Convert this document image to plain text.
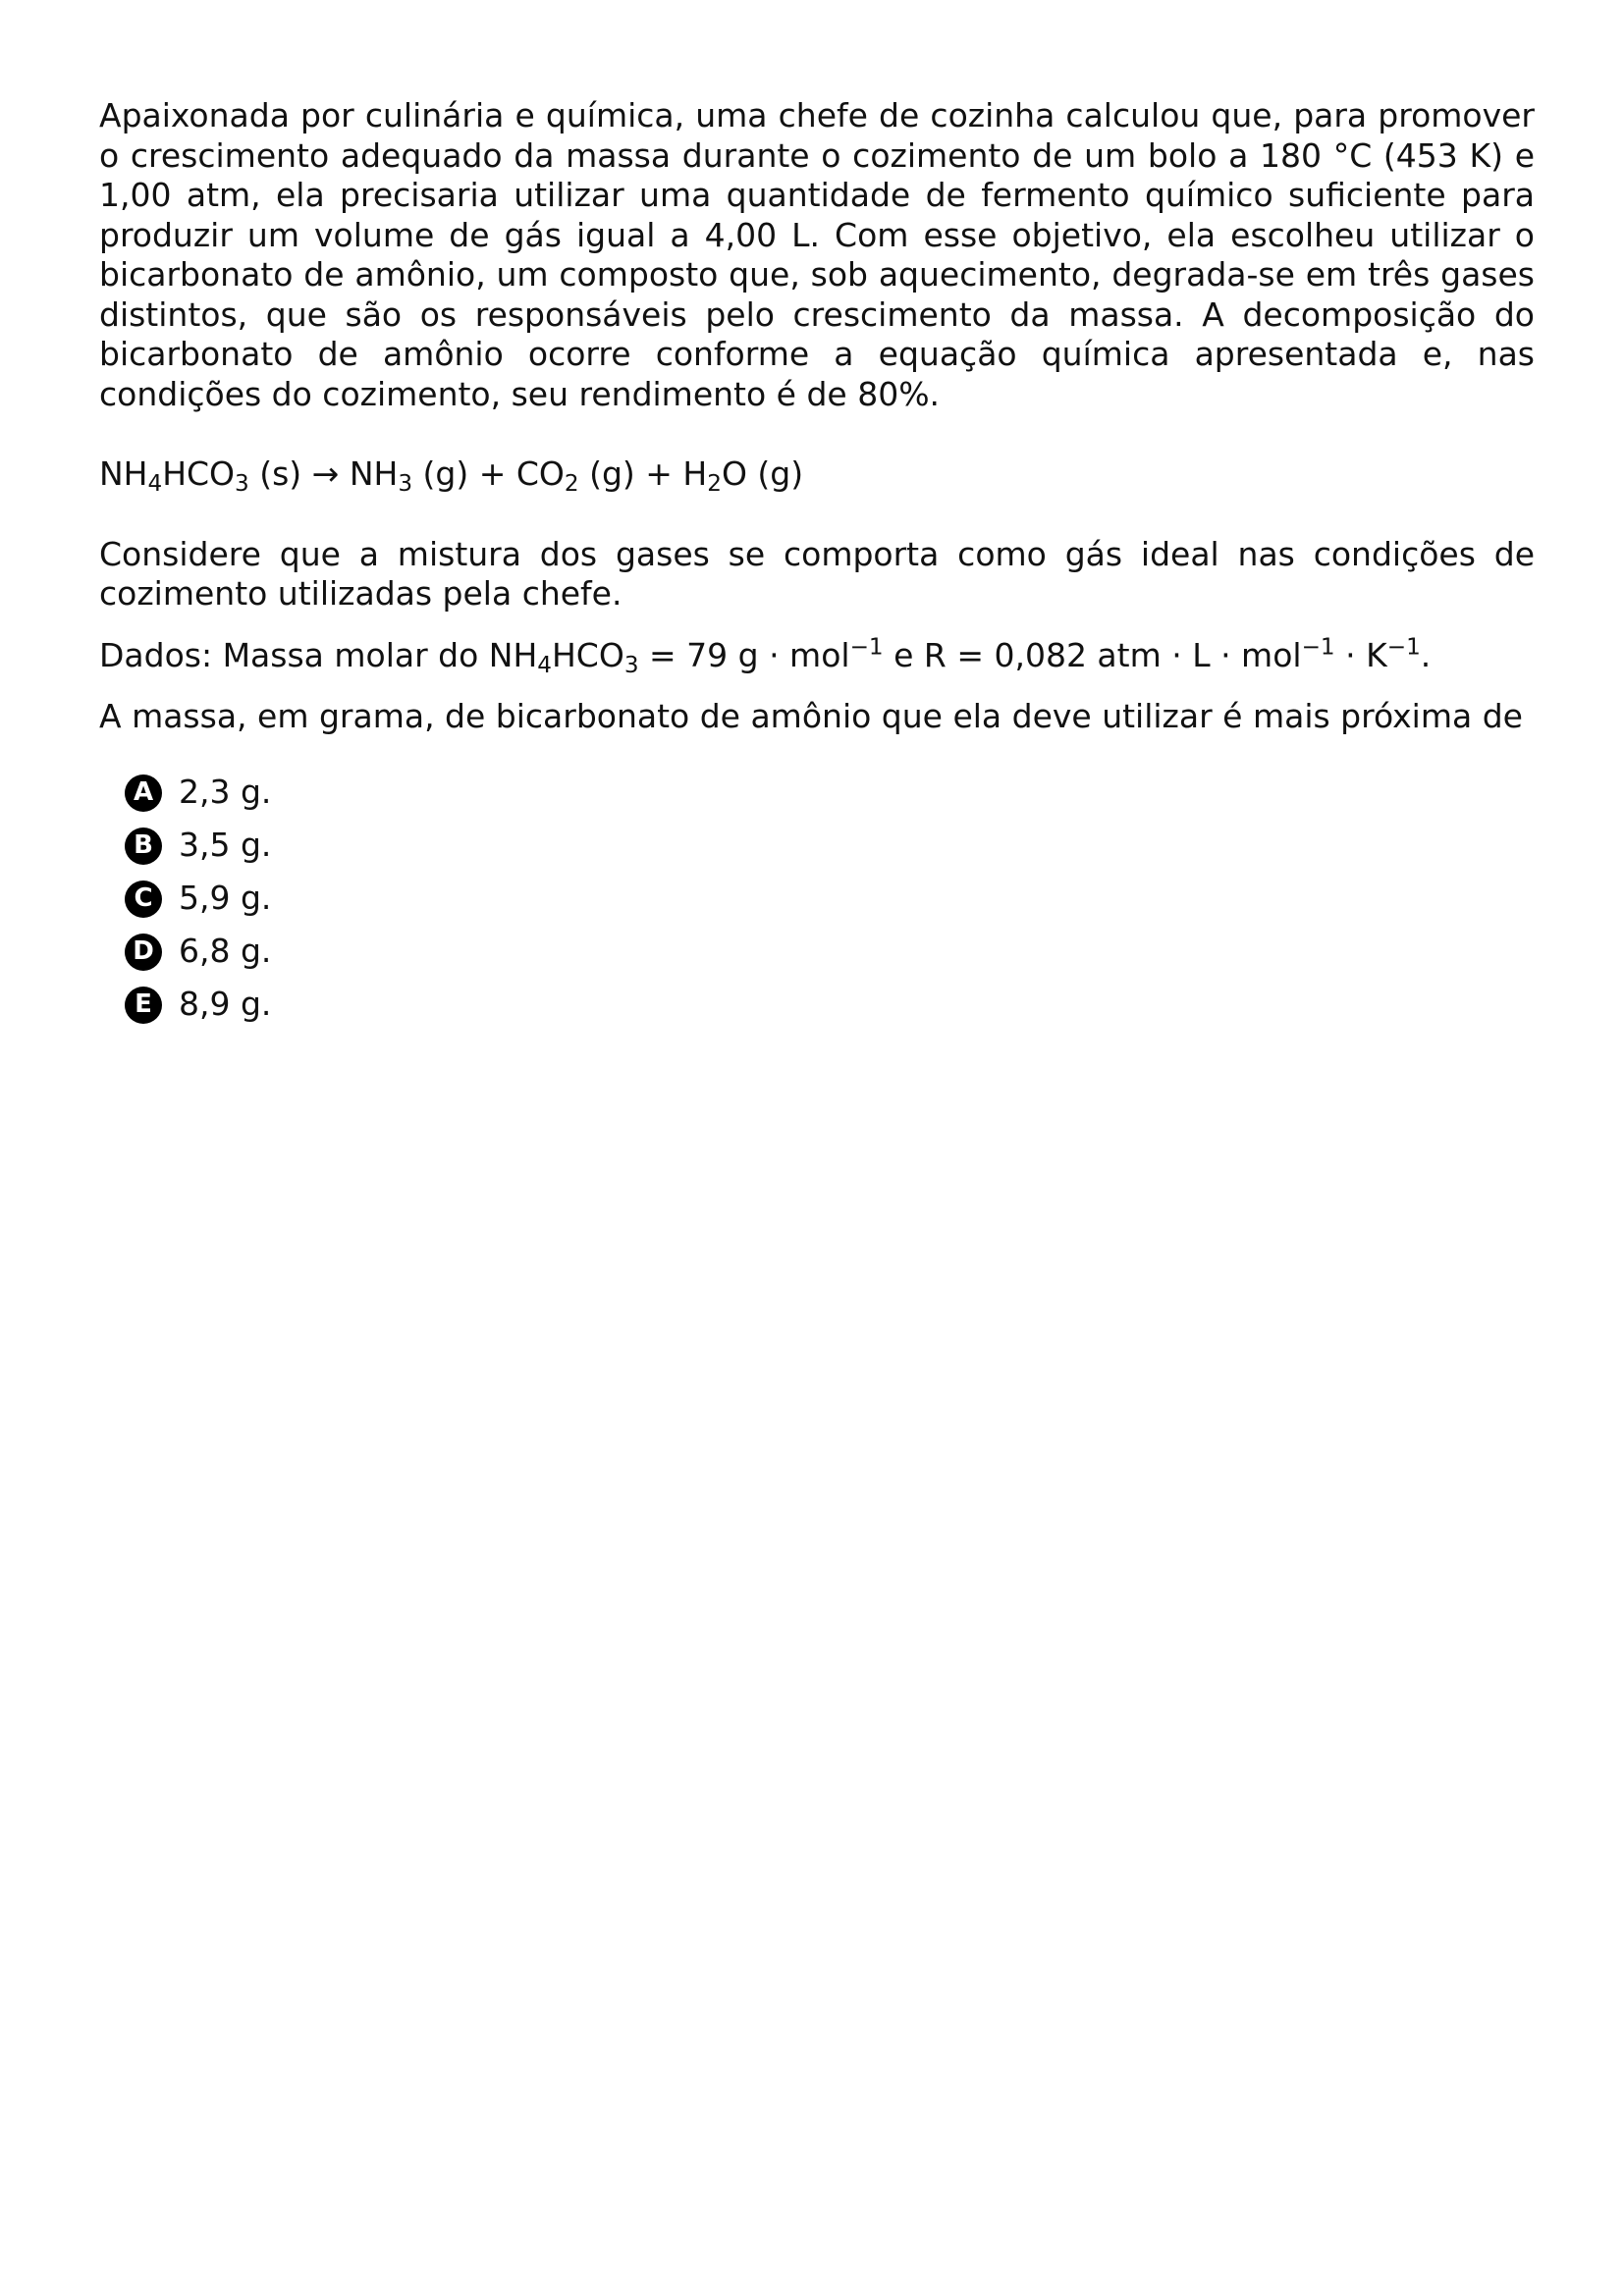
Apaixonada por culinária e química, uma chefe de cozinha calculou que, para promover o crescimento adequado da massa durante o cozimento de um bolo a 180 °C (453 K) e 1,00 atm, ela precisaria utilizar uma quantidade de fermento químico suficiente para produzir um volume de gás igual a 4,00 L. Com esse objetivo, ela escolheu utilizar o bicarbonato de amônio, um composto que, sob aquecimento, degrada-se em três gases distintos, que são os responsáveis pelo crescimento da massa. A decomposição do bicarbonato de amônio ocorre conforme a equação química apresentada e, nas condições do cozimento, seu rendimento é de 80%.

$NH_4HCO_3$ $(s) \to NH_3$ $(g) + CO_2$ $(g) + H_2O$ (g)

Considere que a mistura dos gases se comporta como gás ideal nas condições de cozimento utilizadas pela chefe.

Dados: Massa molar do $NH_4HCO_3 = 79$ g · mol$^{-1}$ e R = 0,082 atm · $L \cdot mol^{-1} \cdot K^{-1}$.

A massa, em grama, de bicarbonato de amônio que ela deve utilizar é mais próxima de

A 2,3 g.
B 3,5 g.
C 5,9 g.
D 6,8 g.
E 8,9 g.
